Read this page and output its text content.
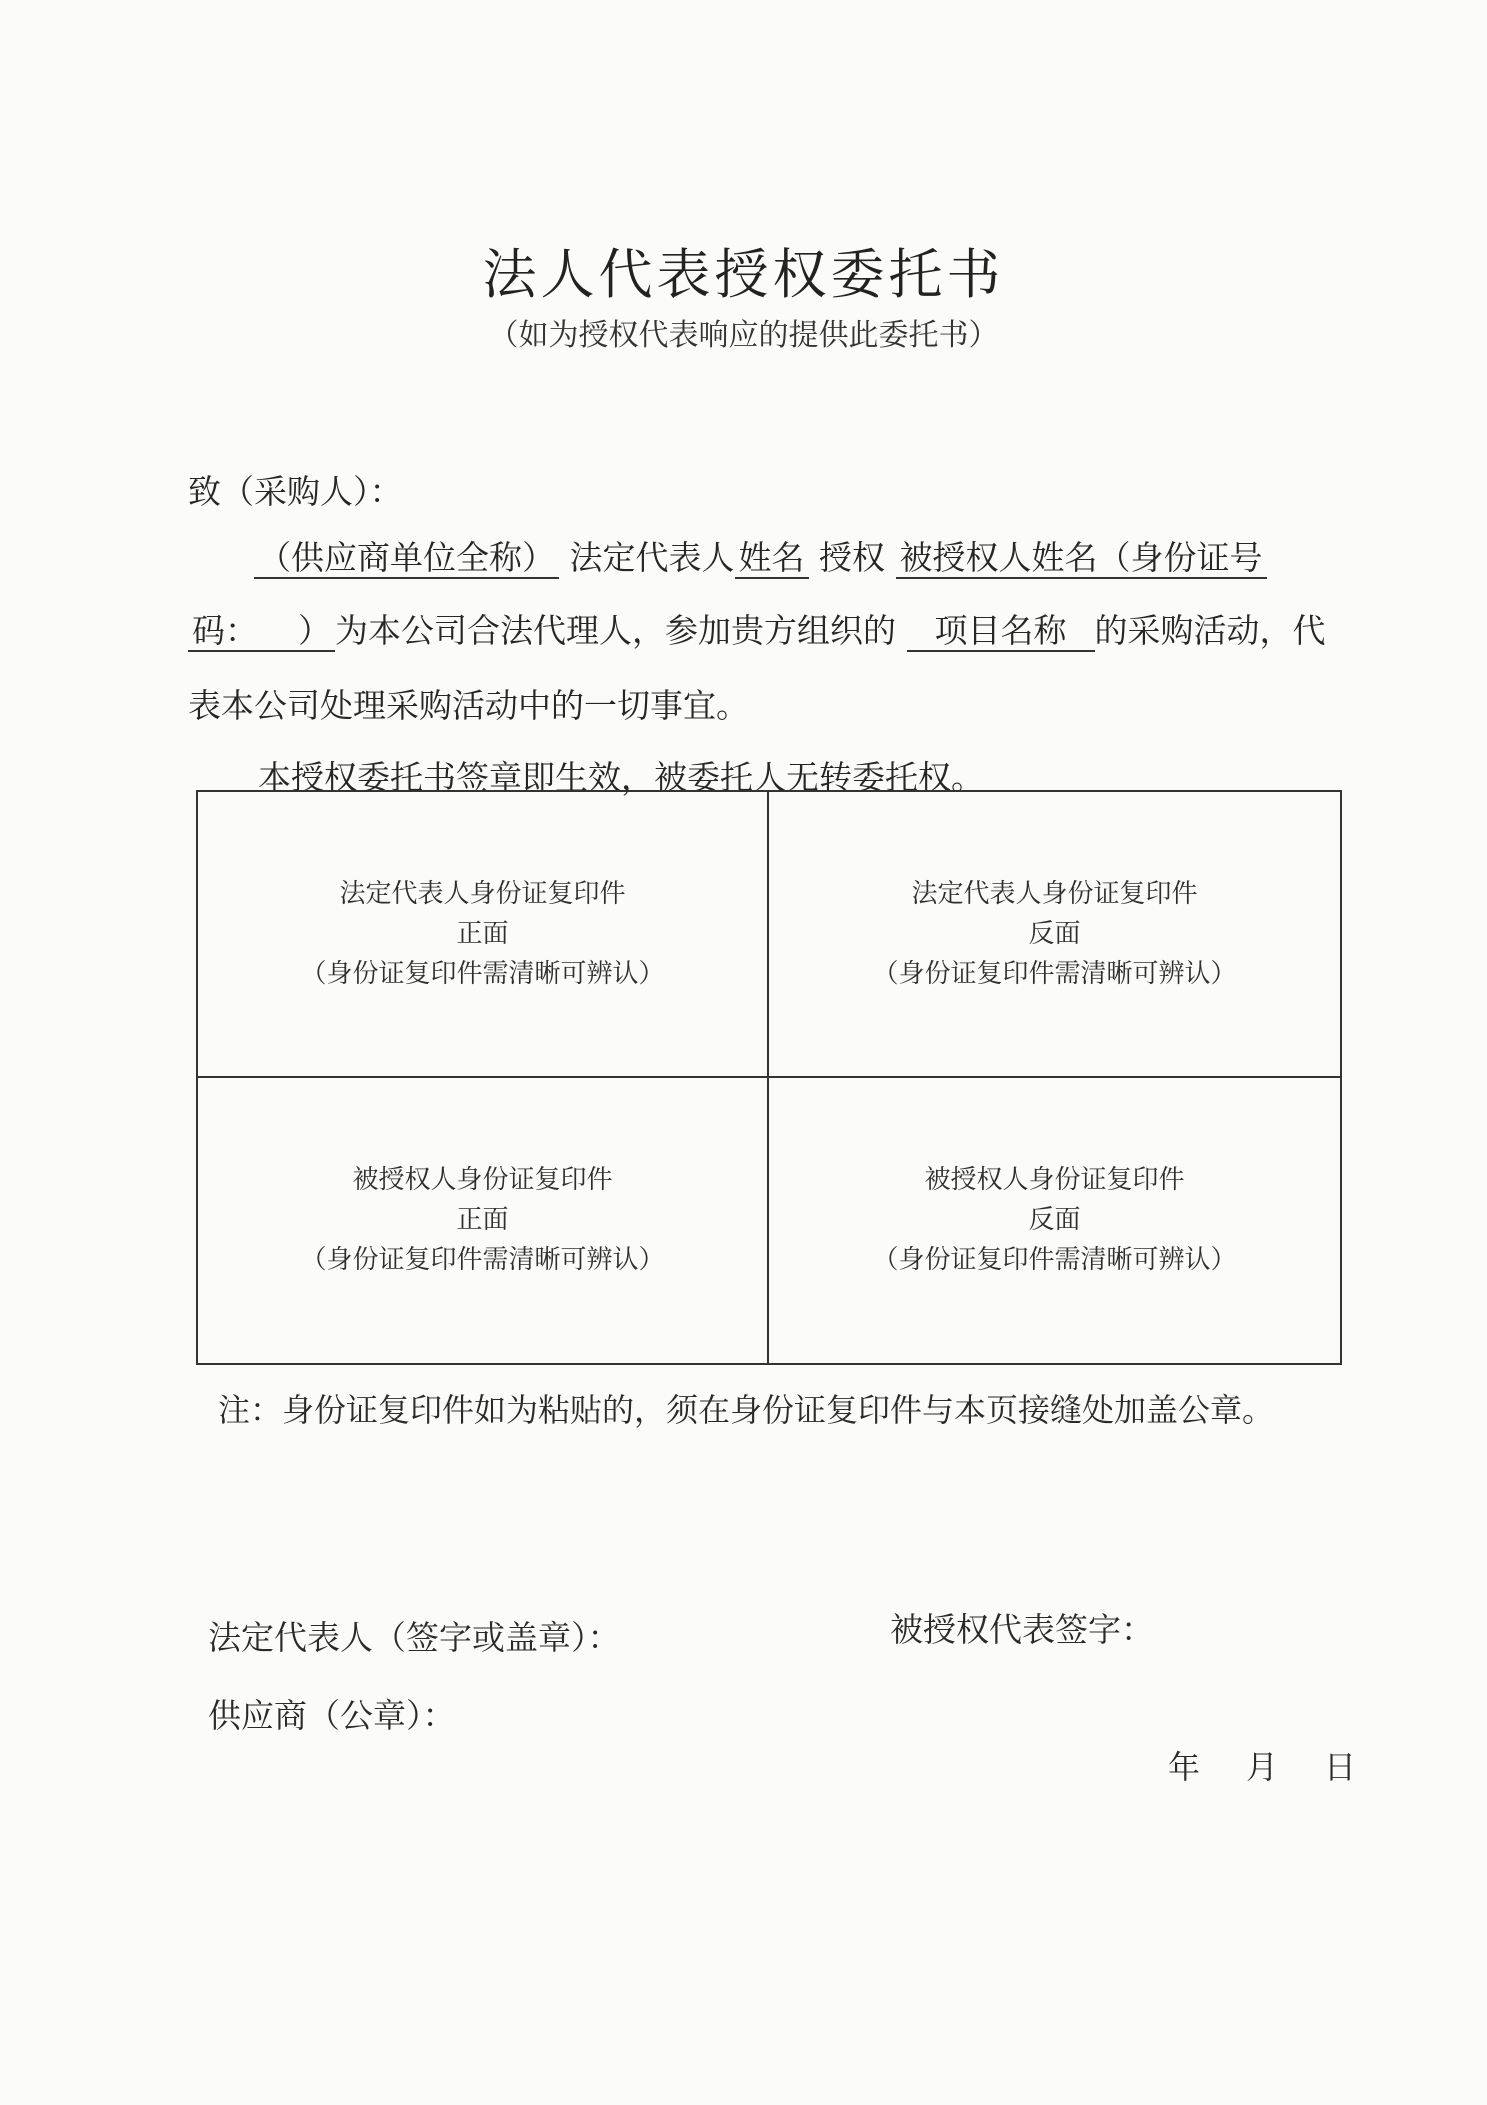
法人代表授权委托书
（如为授权代表响应的提供此委托书）
致（采购人）：
（供应商单位全称） 法定代表人 姓名 授权 被授权人姓名（身份证号
码： ） 为本公司合法代理人，参加贵方组织的 项目名称 的采购活动，代
表本公司处理采购活动中的一切事宜。
本授权委托书签章即生效，被委托人无转委托权。
法定代表人身份证复印件
正面
（身份证复印件需清晰可辨认）
法定代表人身份证复印件
反面
（身份证复印件需清晰可辨认）
被授权人身份证复印件
正面
（身份证复印件需清晰可辨认）
被授权人身份证复印件
反面
（身份证复印件需清晰可辨认）
注：身份证复印件如为粘贴的，须在身份证复印件与本页接缝处加盖公章。
法定代表人（签字或盖章）：	被授权代表签字：
供应商（公章）：
年 月 日
